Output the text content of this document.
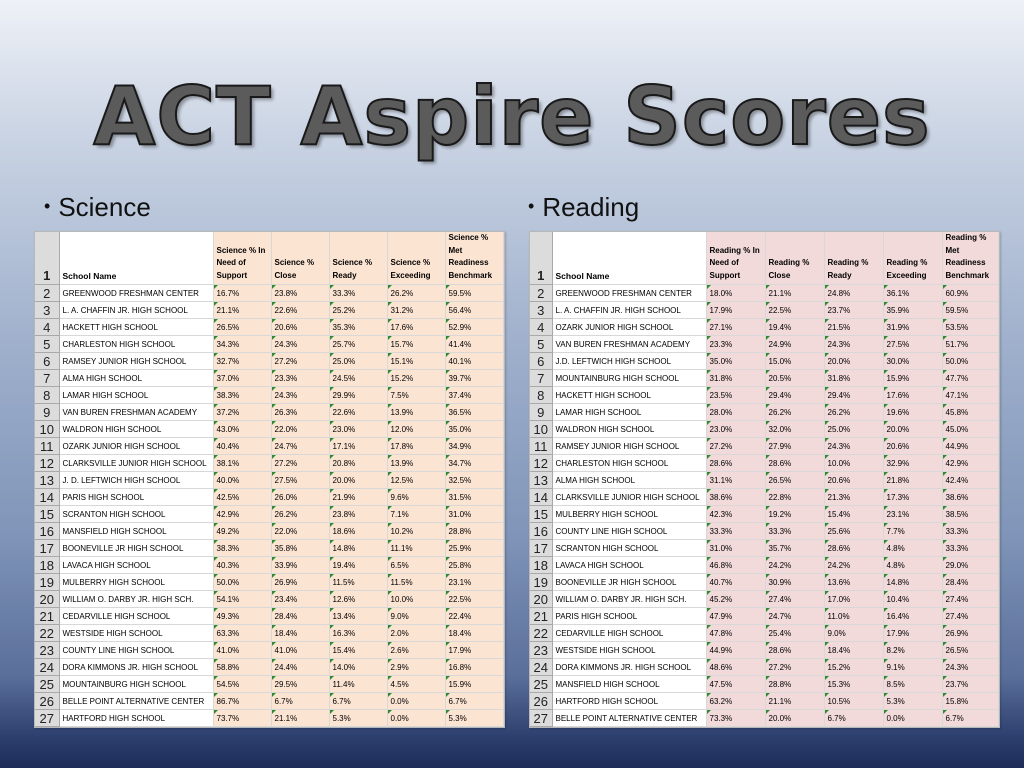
ACT Aspire Scores
• Science	• Reading
1	School Name	Science % In Need of Support	Science % Close	Science % Ready	Science % Exceeding	Science % Met Readiness Benchmark
2	GREENWOOD FRESHMAN CENTER	16.7%	23.8%	33.3%	26.2%	59.5%
3	L. A. CHAFFIN JR. HIGH SCHOOL	21.1%	22.6%	25.2%	31.2%	56.4%
4	HACKETT HIGH SCHOOL	26.5%	20.6%	35.3%	17.6%	52.9%
5	CHARLESTON HIGH SCHOOL	34.3%	24.3%	25.7%	15.7%	41.4%
6	RAMSEY JUNIOR HIGH SCHOOL	32.7%	27.2%	25.0%	15.1%	40.1%
7	ALMA HIGH SCHOOL	37.0%	23.3%	24.5%	15.2%	39.7%
8	LAMAR HIGH SCHOOL	38.3%	24.3%	29.9%	7.5%	37.4%
9	VAN BUREN FRESHMAN ACADEMY	37.2%	26.3%	22.6%	13.9%	36.5%
10	WALDRON HIGH SCHOOL	43.0%	22.0%	23.0%	12.0%	35.0%
11	OZARK JUNIOR HIGH SCHOOL	40.4%	24.7%	17.1%	17.8%	34.9%
12	CLARKSVILLE JUNIOR HIGH SCHOOL	38.1%	27.2%	20.8%	13.9%	34.7%
13	J. D. LEFTWICH HIGH SCHOOL	40.0%	27.5%	20.0%	12.5%	32.5%
14	PARIS HIGH SCHOOL	42.5%	26.0%	21.9%	9.6%	31.5%
15	SCRANTON HIGH SCHOOL	42.9%	26.2%	23.8%	7.1%	31.0%
16	MANSFIELD HIGH SCHOOL	49.2%	22.0%	18.6%	10.2%	28.8%
17	BOONEVILLE JR HIGH SCHOOL	38.3%	35.8%	14.8%	11.1%	25.9%
18	LAVACA HIGH SCHOOL	40.3%	33.9%	19.4%	6.5%	25.8%
19	MULBERRY HIGH SCHOOL	50.0%	26.9%	11.5%	11.5%	23.1%
20	WILLIAM O. DARBY JR. HIGH SCH.	54.1%	23.4%	12.6%	10.0%	22.5%
21	CEDARVILLE HIGH SCHOOL	49.3%	28.4%	13.4%	9.0%	22.4%
22	WESTSIDE HIGH SCHOOL	63.3%	18.4%	16.3%	2.0%	18.4%
23	COUNTY LINE HIGH SCHOOL	41.0%	41.0%	15.4%	2.6%	17.9%
24	DORA KIMMONS JR. HIGH SCHOOL	58.8%	24.4%	14.0%	2.9%	16.8%
25	MOUNTAINBURG HIGH SCHOOL	54.5%	29.5%	11.4%	4.5%	15.9%
26	BELLE POINT ALTERNATIVE CENTER	86.7%	6.7%	6.7%	0.0%	6.7%
27	HARTFORD HIGH SCHOOL	73.7%	21.1%	5.3%	0.0%	5.3%
1	School Name	Reading % In Need of Support	Reading % Close	Reading % Ready	Reading % Exceeding	Reading % Met Readiness Benchmark
2	GREENWOOD FRESHMAN CENTER	18.0%	21.1%	24.8%	36.1%	60.9%
3	L. A. CHAFFIN JR. HIGH SCHOOL	17.9%	22.5%	23.7%	35.9%	59.5%
4	OZARK JUNIOR HIGH SCHOOL	27.1%	19.4%	21.5%	31.9%	53.5%
5	VAN BUREN FRESHMAN ACADEMY	23.3%	24.9%	24.3%	27.5%	51.7%
6	J.D. LEFTWICH HIGH SCHOOL	35.0%	15.0%	20.0%	30.0%	50.0%
7	MOUNTAINBURG HIGH SCHOOL	31.8%	20.5%	31.8%	15.9%	47.7%
8	HACKETT HIGH SCHOOL	23.5%	29.4%	29.4%	17.6%	47.1%
9	LAMAR HIGH SCHOOL	28.0%	26.2%	26.2%	19.6%	45.8%
10	WALDRON HIGH SCHOOL	23.0%	32.0%	25.0%	20.0%	45.0%
11	RAMSEY JUNIOR HIGH SCHOOL	27.2%	27.9%	24.3%	20.6%	44.9%
12	CHARLESTON HIGH SCHOOL	28.6%	28.6%	10.0%	32.9%	42.9%
13	ALMA HIGH SCHOOL	31.1%	26.5%	20.6%	21.8%	42.4%
14	CLARKSVILLE JUNIOR HIGH SCHOOL	38.6%	22.8%	21.3%	17.3%	38.6%
15	MULBERRY HIGH SCHOOL	42.3%	19.2%	15.4%	23.1%	38.5%
16	COUNTY LINE HIGH SCHOOL	33.3%	33.3%	25.6%	7.7%	33.3%
17	SCRANTON HIGH SCHOOL	31.0%	35.7%	28.6%	4.8%	33.3%
18	LAVACA HIGH SCHOOL	46.8%	24.2%	24.2%	4.8%	29.0%
19	BOONEVILLE JR HIGH SCHOOL	40.7%	30.9%	13.6%	14.8%	28.4%
20	WILLIAM O. DARBY JR. HIGH SCH.	45.2%	27.4%	17.0%	10.4%	27.4%
21	PARIS HIGH SCHOOL	47.9%	24.7%	11.0%	16.4%	27.4%
22	CEDARVILLE HIGH SCHOOL	47.8%	25.4%	9.0%	17.9%	26.9%
23	WESTSIDE HIGH SCHOOL	44.9%	28.6%	18.4%	8.2%	26.5%
24	DORA KIMMONS JR. HIGH SCHOOL	48.6%	27.2%	15.2%	9.1%	24.3%
25	MANSFIELD HIGH SCHOOL	47.5%	28.8%	15.3%	8.5%	23.7%
26	HARTFORD HIGH SCHOOL	63.2%	21.1%	10.5%	5.3%	15.8%
27	BELLE POINT ALTERNATIVE CENTER	73.3%	20.0%	6.7%	0.0%	6.7%
